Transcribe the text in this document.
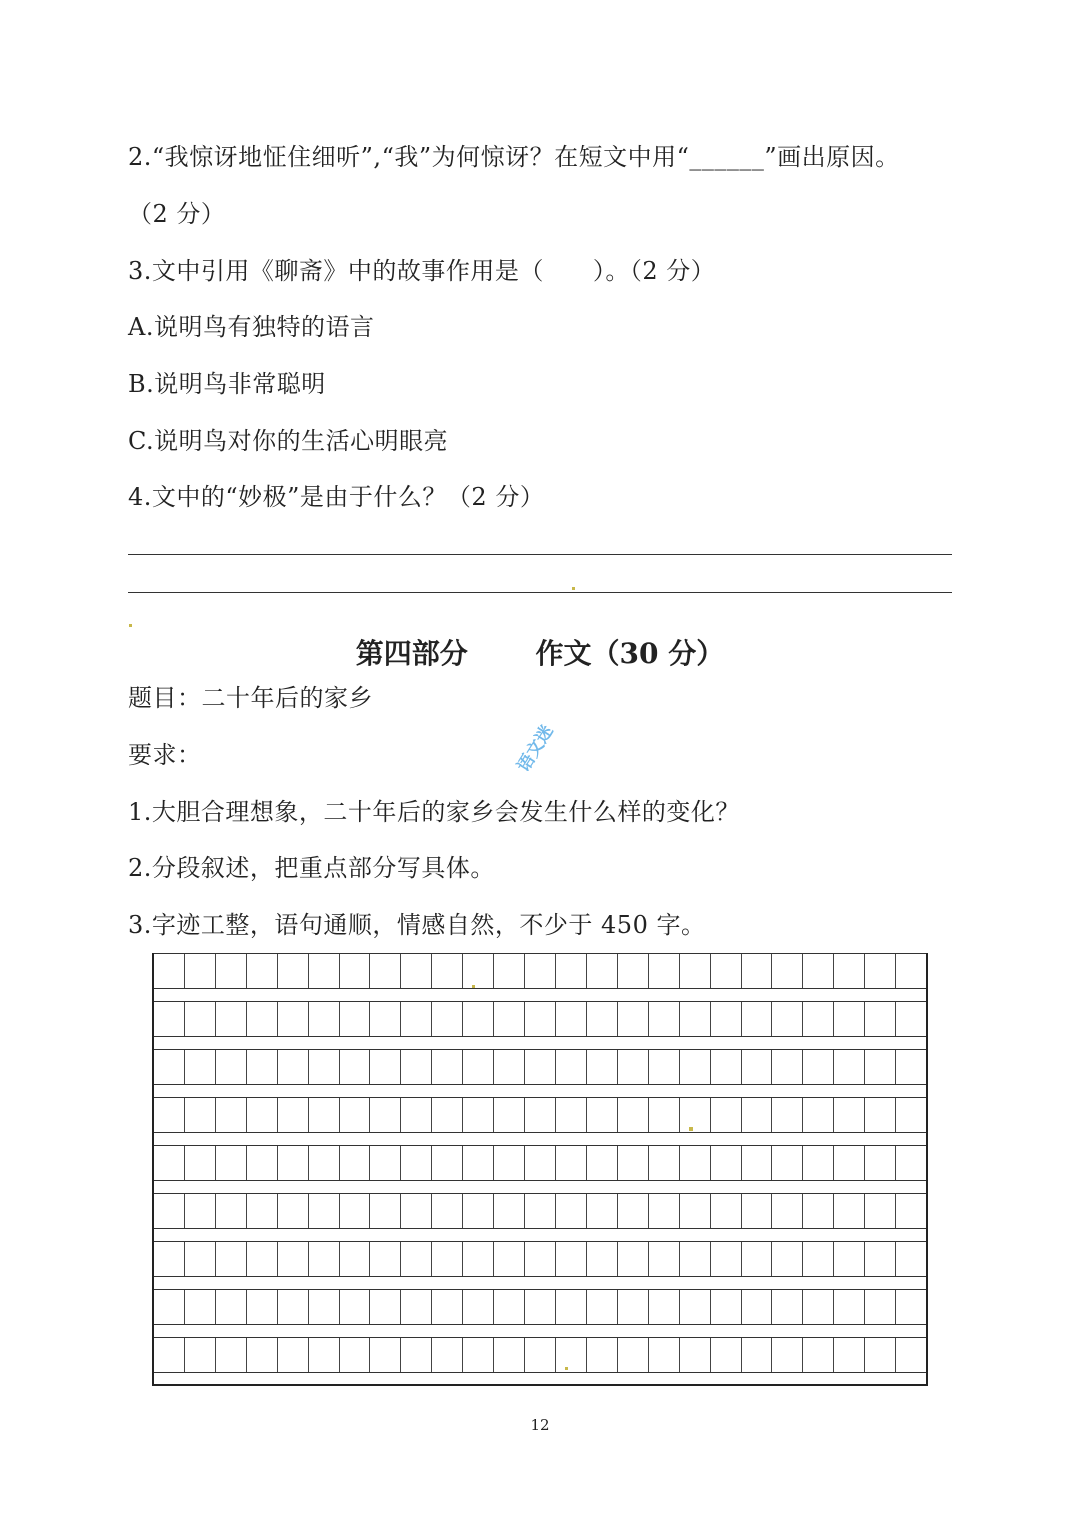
2.“我惊讶地怔住细听”,“我”为何惊讶？在短文中用“______”画出原因。
（2 分）
3.文中引用《聊斋》中的故事作用是（　　）。（2 分）
A.说明鸟有独特的语言
B.说明鸟非常聪明
C.说明鸟对你的生活心明眼亮
4.文中的“妙极”是由于什么？（2 分）
第四部分 作文（30 分）
题目：二十年后的家乡
要求：
1.大胆合理想象，二十年后的家乡会发生什么样的变化？
2.分段叙述，把重点部分写具体。
3.字迹工整，语句通顺，情感自然，不少于 450 字。
语文迷
12
